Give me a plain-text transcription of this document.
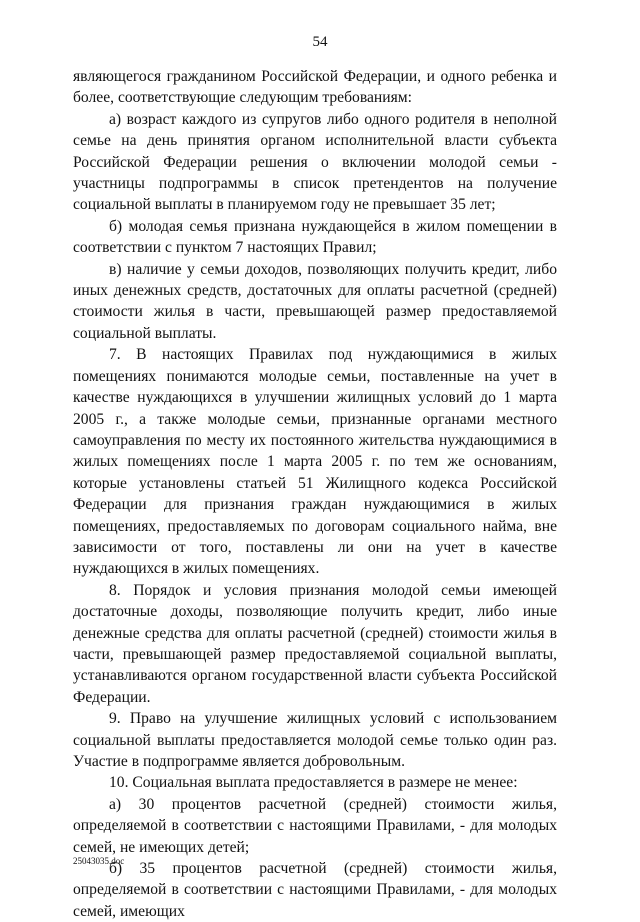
54

являющегося гражданином Российской Федерации, и одного ребенка и более, соответствующие следующим требованиям:

а) возраст каждого из супругов либо одного родителя в неполной семье на день принятия органом исполнительной власти субъекта Российской Федерации решения о включении молодой семьи - участницы подпрограммы в список претендентов на получение социальной выплаты в планируемом году не превышает 35 лет;

б) молодая семья признана нуждающейся в жилом помещении в соответствии с пунктом 7 настоящих Правил;

в) наличие у семьи доходов, позволяющих получить кредит, либо иных денежных средств, достаточных для оплаты расчетной (средней) стоимости жилья в части, превышающей размер предоставляемой социальной выплаты.

7. В настоящих Правилах под нуждающимися в жилых помещениях понимаются молодые семьи, поставленные на учет в качестве нуждающихся в улучшении жилищных условий до 1 марта 2005 г., а также молодые семьи, признанные органами местного самоуправления по месту их постоянного жительства нуждающимися в жилых помещениях после 1 марта 2005 г. по тем же основаниям, которые установлены статьей 51 Жилищного кодекса Российской Федерации для признания граждан нуждающимися в жилых помещениях, предоставляемых по договорам социального найма, вне зависимости от того, поставлены ли они на учет в качестве нуждающихся в жилых помещениях.

8. Порядок и условия признания молодой семьи имеющей достаточные доходы, позволяющие получить кредит, либо иные денежные средства для оплаты расчетной (средней) стоимости жилья в части, превышающей размер предоставляемой социальной выплаты, устанавливаются органом государственной власти субъекта Российской Федерации.

9. Право на улучшение жилищных условий с использованием социальной выплаты предоставляется молодой семье только один раз. Участие в подпрограмме является добровольным.

10. Социальная выплата предоставляется в размере не менее:

а) 30 процентов расчетной (средней) стоимости жилья, определяемой в соответствии с настоящими Правилами, - для молодых семей, не имеющих детей;

б) 35 процентов расчетной (средней) стоимости жилья, определяемой в соответствии с настоящими Правилами, - для молодых семей, имеющих

25043035.doc
